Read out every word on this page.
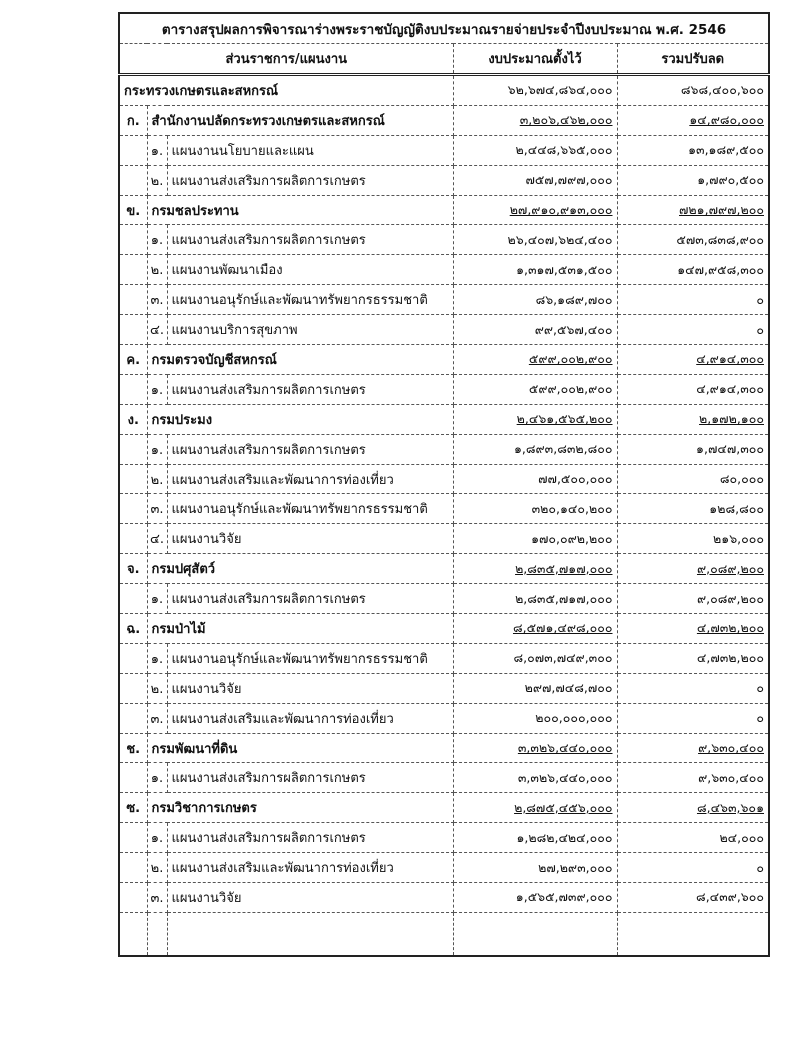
ตารางสรุปผลการพิจารณาร่างพระราชบัญญัติงบประมาณรายจ่ายประจำปีงบประมาณ พ.ศ. 2546				
ส่วนราชการ/แผนงาน			งบประมาณตั้งไว้	รวมปรับลด
กระทรวงเกษตรและสหกรณ์			๖๒,๖๗๔,๘๖๔,๐๐๐	๘๖๘,๔๐๐,๖๐๐
ก.	สำนักงานปลัดกระทรวงเกษตรและสหกรณ์		๓,๒๐๖,๔๖๒,๐๐๐	๑๔,๙๘๐,๐๐๐
	๑.	แผนงานนโยบายและแผน	๒,๔๔๘,๖๖๕,๐๐๐	๑๓,๑๘๙,๕๐๐
	๒.	แผนงานส่งเสริมการผลิตการเกษตร	๗๕๗,๗๙๗,๐๐๐	๑,๗๙๐,๕๐๐
ข.	กรมชลประทาน		๒๗,๙๑๐,๙๑๓,๐๐๐	๗๒๑,๗๙๗,๒๐๐
	๑.	แผนงานส่งเสริมการผลิตการเกษตร	๒๖,๔๐๗,๖๒๔,๔๐๐	๕๗๓,๘๓๘,๙๐๐
	๒.	แผนงานพัฒนาเมือง	๑,๓๑๗,๕๓๑,๕๐๐	๑๔๗,๙๕๘,๓๐๐
	๓.	แผนงานอนุรักษ์และพัฒนาทรัพยากรธรรมชาติ	๘๖,๑๘๙,๗๐๐	๐
	๔.	แผนงานบริการสุขภาพ	๙๙,๕๖๗,๔๐๐	๐
ค.	กรมตรวจบัญชีสหกรณ์		๕๙๙,๐๐๒,๙๐๐	๔,๙๑๔,๓๐๐
	๑.	แผนงานส่งเสริมการผลิตการเกษตร	๕๙๙,๐๐๒,๙๐๐	๔,๙๑๔,๓๐๐
ง.	กรมประมง		๒,๔๖๑,๕๖๕,๒๐๐	๒,๑๗๒,๑๐๐
	๑.	แผนงานส่งเสริมการผลิตการเกษตร	๑,๘๙๓,๘๓๒,๘๐๐	๑,๗๔๗,๓๐๐
	๒.	แผนงานส่งเสริมและพัฒนาการท่องเที่ยว	๗๗,๕๐๐,๐๐๐	๘๐,๐๐๐
	๓.	แผนงานอนุรักษ์และพัฒนาทรัพยากรธรรมชาติ	๓๒๐,๑๔๐,๒๐๐	๑๒๘,๘๐๐
	๔.	แผนงานวิจัย	๑๗๐,๐๙๒,๒๐๐	๒๑๖,๐๐๐
จ.	กรมปศุสัตว์		๒,๘๓๕,๗๑๗,๐๐๐	๙,๐๘๙,๒๐๐
	๑.	แผนงานส่งเสริมการผลิตการเกษตร	๒,๘๓๕,๗๑๗,๐๐๐	๙,๐๘๙,๒๐๐
ฉ.	กรมป่าไม้		๘,๕๗๑,๔๙๘,๐๐๐	๔,๗๓๒,๒๐๐
	๑.	แผนงานอนุรักษ์และพัฒนาทรัพยากรธรรมชาติ	๘,๐๗๓,๗๔๙,๓๐๐	๔,๗๓๒,๒๐๐
	๒.	แผนงานวิจัย	๒๙๗,๗๔๘,๗๐๐	๐
	๓.	แผนงานส่งเสริมและพัฒนาการท่องเที่ยว	๒๐๐,๐๐๐,๐๐๐	๐
ช.	กรมพัฒนาที่ดิน		๓,๓๒๖,๔๔๐,๐๐๐	๙,๖๓๐,๔๐๐
	๑.	แผนงานส่งเสริมการผลิตการเกษตร	๓,๓๒๖,๔๔๐,๐๐๐	๙,๖๓๐,๔๐๐
ซ.	กรมวิชาการเกษตร		๒,๘๗๕,๔๕๖,๐๐๐	๘,๔๖๓,๖๐๑
	๑.	แผนงานส่งเสริมการผลิตการเกษตร	๑,๒๘๒,๔๒๔,๐๐๐	๒๔,๐๐๐
	๒.	แผนงานส่งเสริมและพัฒนาการท่องเที่ยว	๒๗,๒๙๓,๐๐๐	๐
	๓.	แผนงานวิจัย	๑,๕๖๕,๗๓๙,๐๐๐	๘,๔๓๙,๖๐๐
